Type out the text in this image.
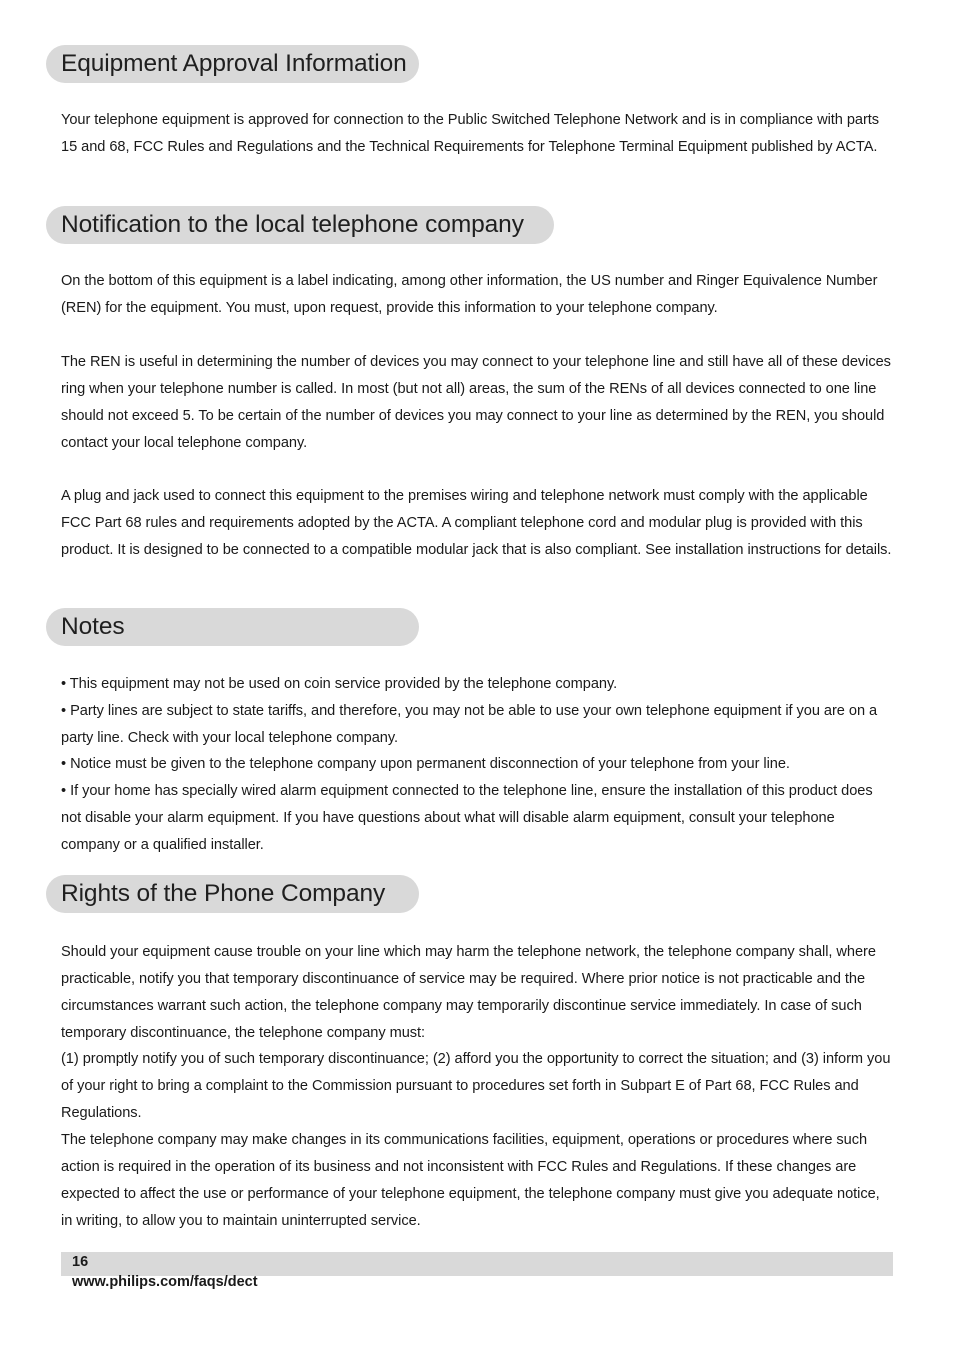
Equipment Approval Information

Your telephone equipment is approved for connection to the Public Switched Telephone Network and is in compliance with parts 15 and 68, FCC Rules and Regulations and the Technical Requirements for Telephone Terminal Equipment published by ACTA.

Notification to the local telephone company

On the bottom of this equipment is a label indicating, among other information, the US number and Ringer Equivalence Number (REN) for the equipment. You must, upon request, provide this information to your telephone company.

The REN is useful in determining the number of devices you may connect to your telephone line and still have all of these devices ring when your telephone number is called. In most (but not all) areas, the sum of the RENs of all devices connected to one line should not exceed 5. To be certain of the number of devices you may connect to your line as determined by the REN, you should contact your local telephone company.

A plug and jack used to connect this equipment to the premises wiring and telephone network must comply with the applicable FCC Part 68 rules and requirements adopted by the ACTA. A compliant telephone cord and modular plug is provided with this product. It is designed to be connected to a compatible modular jack that is also compliant. See installation instructions for details.

Notes

• This equipment may not be used on coin service provided by the telephone company.

• Party lines are subject to state tariffs, and therefore, you may not be able to use your own telephone equipment if you are on a party line. Check with your local telephone company.

• Notice must be given to the telephone company upon permanent disconnection of your telephone from your line.

• If your home has specially wired alarm equipment connected to the telephone line, ensure the installation of this product does not disable your alarm equipment. If you have questions about what will disable alarm equipment, consult your telephone company or a qualified installer.

Rights of the Phone Company

Should your equipment cause trouble on your line which may harm the telephone network, the telephone company shall, where practicable, notify you that temporary discontinuance of service may be required. Where prior notice is not practicable and the circumstances warrant such action, the telephone company may temporarily discontinue service immediately. In case of such temporary discontinuance, the telephone company must:

(1) promptly notify you of such temporary discontinuance; (2) afford you the opportunity to correct the situation; and (3) inform you of your right to bring a complaint to the Commission pursuant to procedures set forth in Subpart E of Part 68, FCC Rules and Regulations.

The telephone company may make changes in its communications facilities, equipment, operations or procedures where such action is required in the operation of its business and not inconsistent with FCC Rules and Regulations. If these changes are expected to affect the use or performance of your telephone equipment, the telephone company must give you adequate notice, in writing, to allow you to maintain uninterrupted service.

16

www.philips.com/faqs/dect
